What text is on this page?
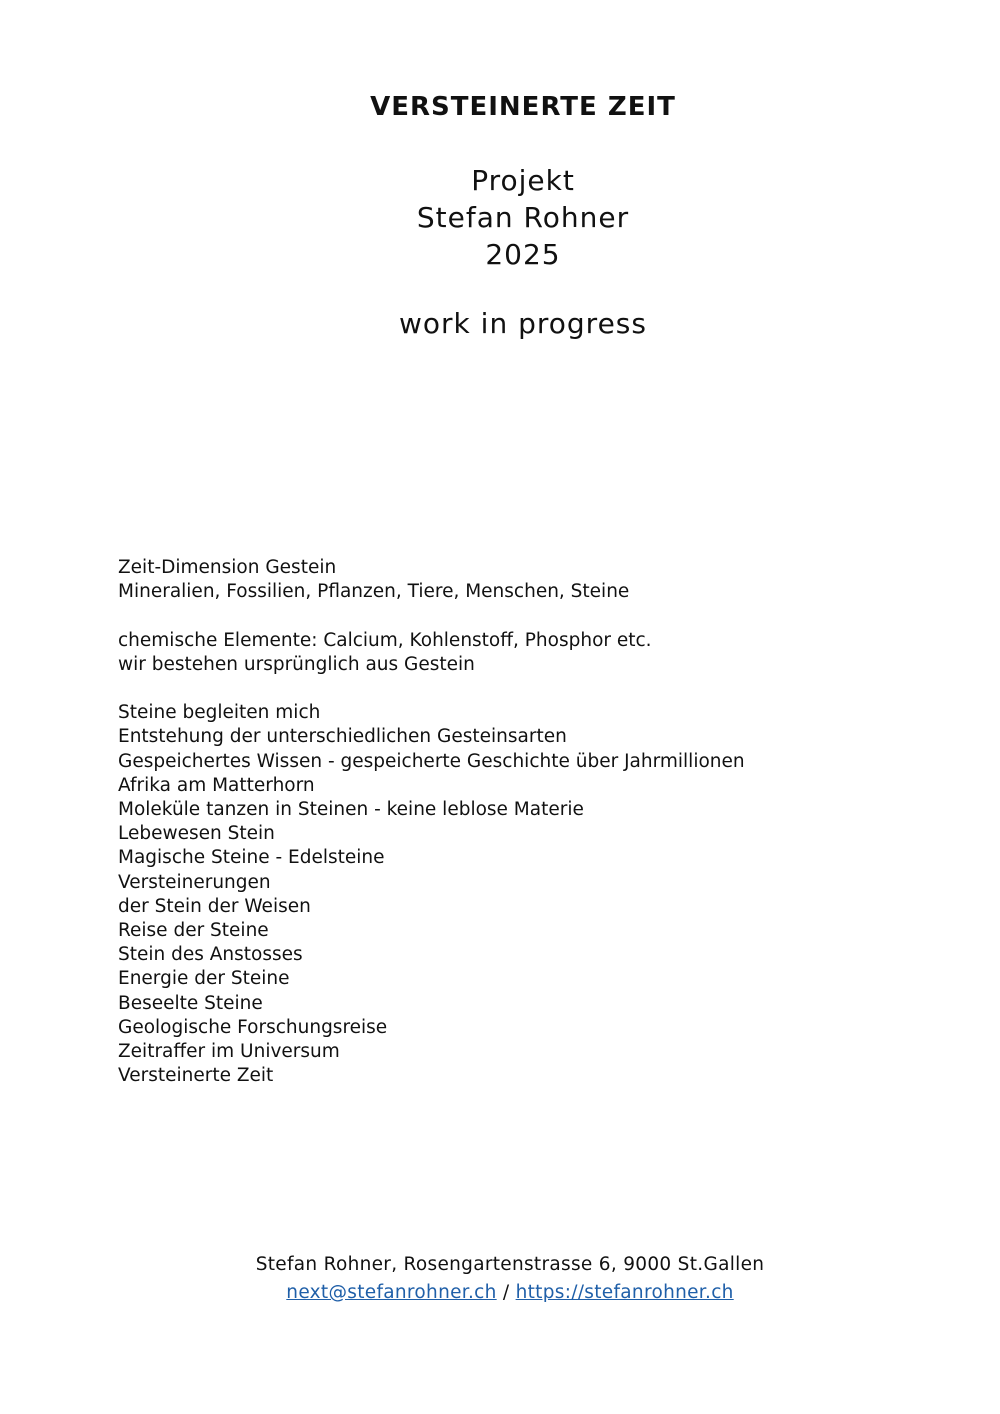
VERSTEINERTE ZEIT
Projekt
Stefan Rohner
2025
work in progress
Zeit-Dimension Gestein
Mineralien, Fossilien, Pflanzen, Tiere, Menschen, Steine
chemische Elemente: Calcium, Kohlenstoff, Phosphor etc.
wir bestehen ursprünglich aus Gestein
Steine begleiten mich
Entstehung der unterschiedlichen Gesteinsarten
Gespeichertes Wissen - gespeicherte Geschichte über Jahrmillionen
Afrika am Matterhorn
Moleküle tanzen in Steinen - keine leblose Materie
Lebewesen Stein
Magische Steine - Edelsteine
Versteinerungen
der Stein der Weisen
Reise der Steine
Stein des Anstosses
Energie der Steine
Beseelte Steine
Geologische Forschungsreise
Zeitraffer im Universum
Versteinerte Zeit
Stefan Rohner, Rosengartenstrasse 6, 9000 St.Gallen
next@stefanrohner.ch / https://stefanrohner.ch
